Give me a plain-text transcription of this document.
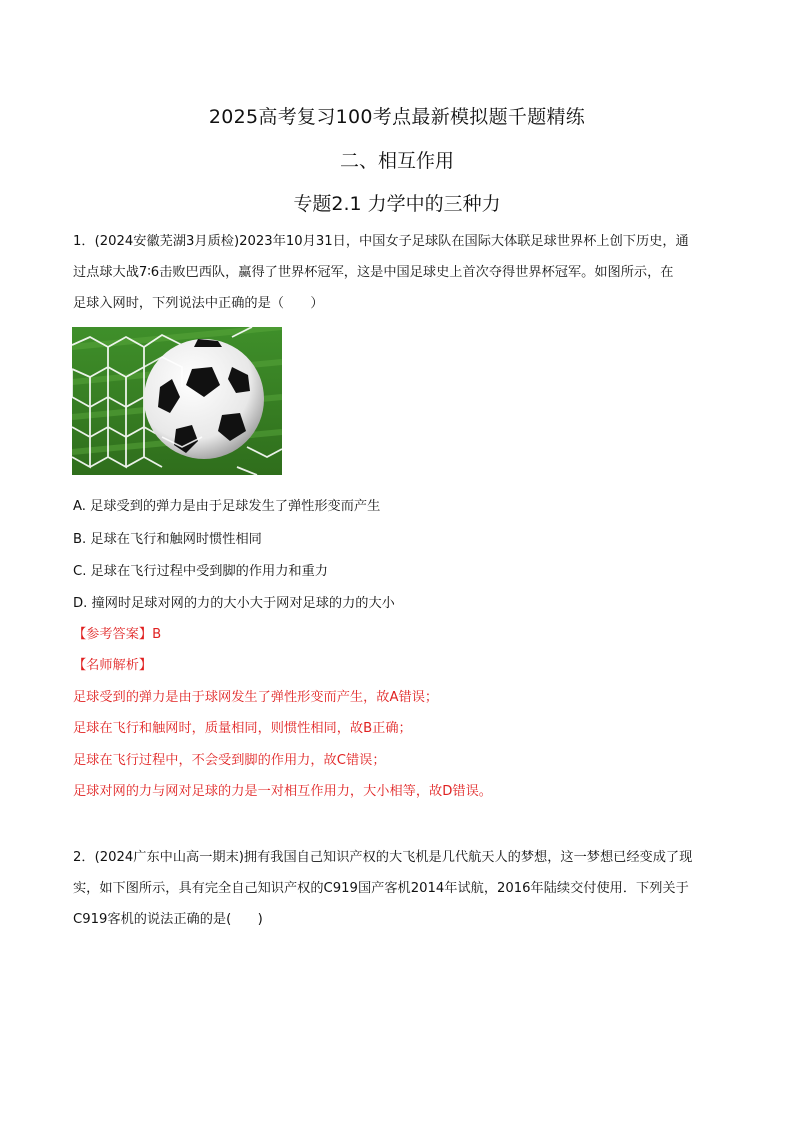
2025高考复习100考点最新模拟题千题精练
二、相互作用
专题2.1 力学中的三种力
1．(2024安徽芜湖3月质检)2023年10月31日，中国女子足球队在国际大体联足球世界杯上创下历史，通
过点球大战7∶6击败巴西队，赢得了世界杯冠军，这是中国足球史上首次夺得世界杯冠军。如图所示，在
足球入网时，下列说法中正确的是（　　）
A. 足球受到的弹力是由于足球发生了弹性形变而产生
B. 足球在飞行和触网时惯性相同
C. 足球在飞行过程中受到脚的作用力和重力
D. 撞网时足球对网的力的大小大于网对足球的力的大小
【参考答案】B
【名师解析】
足球受到的弹力是由于球网发生了弹性形变而产生，故A错误；
足球在飞行和触网时，质量相同，则惯性相同，故B正确；
足球在飞行过程中，不会受到脚的作用力，故C错误；
足球对网的力与网对足球的力是一对相互作用力，大小相等，故D错误。
2．(2024广东中山高一期末)拥有我国自己知识产权的大飞机是几代航天人的梦想，这一梦想已经变成了现
实，如下图所示，具有完全自己知识产权的C919国产客机2014年试航，2016年陆续交付使用．下列关于
C919客机的说法正确的是(　　)
